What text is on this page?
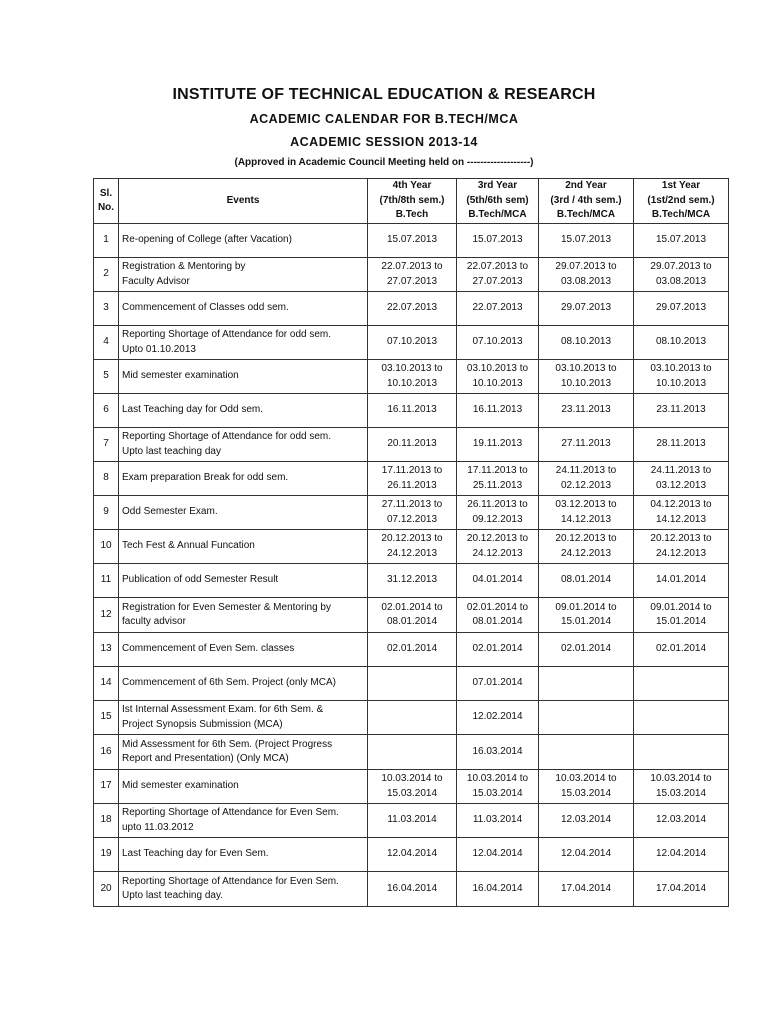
INSTITUTE OF TECHNICAL EDUCATION & RESEARCH
ACADEMIC CALENDAR FOR B.TECH/MCA
ACADEMIC SESSION 2013-14
(Approved in Academic Council Meeting held on -------------------)
Sl.
No.	Events	4th Year
(7th/8th sem.)
B.Tech	3rd Year
(5th/6th sem)
B.Tech/MCA	2nd Year
(3rd / 4th sem.)
B.Tech/MCA	1st Year
(1st/2nd sem.)
B.Tech/MCA

1	Re-opening of College (after Vacation)	15.07.2013	15.07.2013	15.07.2013	15.07.2013

2	Registration & Mentoring by
Faculty Advisor	22.07.2013 to
27.07.2013	22.07.2013 to
27.07.2013	29.07.2013 to
03.08.2013	29.07.2013 to
03.08.2013

3	Commencement of Classes odd sem.	22.07.2013	22.07.2013	29.07.2013	29.07.2013

4	Reporting Shortage of Attendance for odd sem.
Upto 01.10.2013	07.10.2013	07.10.2013	08.10.2013	08.10.2013

5	Mid semester examination	03.10.2013 to
10.10.2013	03.10.2013 to
10.10.2013	03.10.2013 to
10.10.2013	03.10.2013 to
10.10.2013

6	Last Teaching day for Odd sem.	16.11.2013	16.11.2013	23.11.2013	23.11.2013

7	Reporting Shortage of Attendance for odd sem.
Upto last teaching day	20.11.2013	19.11.2013	27.11.2013	28.11.2013

8	Exam preparation Break for odd sem.	17.11.2013 to
26.11.2013	17.11.2013 to
25.11.2013	24.11.2013 to
02.12.2013	24.11.2013 to
03.12.2013

9	Odd Semester Exam.	27.11.2013 to
07.12.2013	26.11.2013 to
09.12.2013	03.12.2013 to
14.12.2013	04.12.2013 to
14.12.2013

10	Tech Fest & Annual Funcation	20.12.2013 to
24.12.2013	20.12.2013 to
24.12.2013	20.12.2013 to
24.12.2013	20.12.2013 to
24.12.2013

11	Publication of odd Semester Result	31.12.2013	04.01.2014	08.01.2014	14.01.2014

12	Registration for Even Semester & Mentoring by
faculty advisor	02.01.2014 to
08.01.2014	02.01.2014 to
08.01.2014	09.01.2014 to
15.01.2014	09.01.2014 to
15.01.2014

13	Commencement of Even Sem. classes	02.01.2014	02.01.2014	02.01.2014	02.01.2014

14	Commencement of 6th Sem. Project (only MCA)		07.01.2014		

15	Ist Internal Assessment Exam. for 6th Sem. &
Project Synopsis Submission (MCA)		12.02.2014		

16	Mid Assessment for 6th Sem. (Project Progress
Report and Presentation) (Only MCA)		16.03.2014		

17	Mid semester examination	10.03.2014 to
15.03.2014	10.03.2014 to
15.03.2014	10.03.2014 to
15.03.2014	10.03.2014 to
15.03.2014

18	Reporting Shortage of Attendance for Even Sem.
upto 11.03.2012	11.03.2014	11.03.2014	12.03.2014	12.03.2014

19	Last Teaching day for Even Sem.	12.04.2014	12.04.2014	12.04.2014	12.04.2014

20	Reporting Shortage of Attendance for Even Sem.
Upto last teaching day.	16.04.2014	16.04.2014	17.04.2014	17.04.2014
